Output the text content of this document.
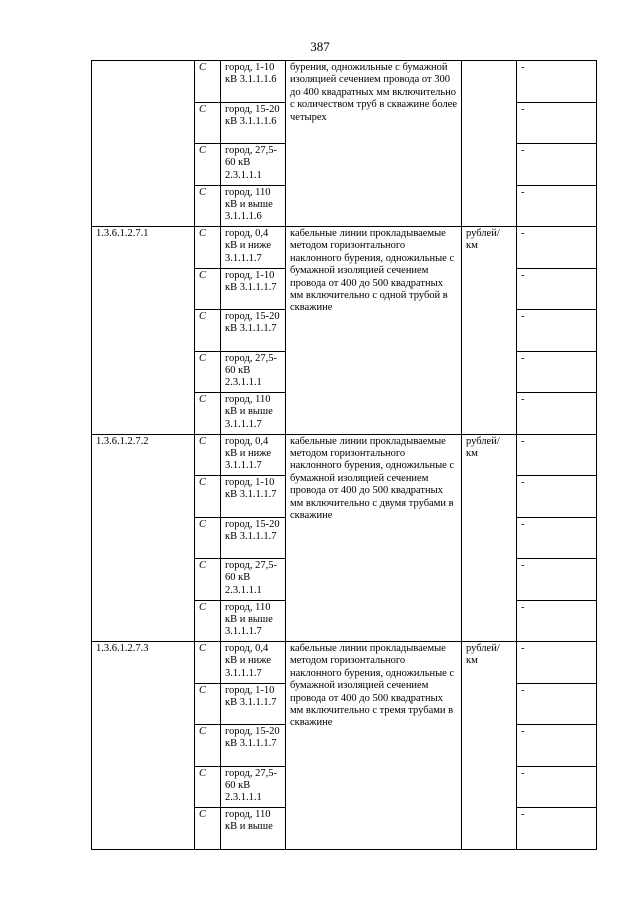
387
	С	город, 1-10 кВ 3.1.1.1.6	бурения, одножильные с бумажной изоляцией сечением провода от 300 до 400 квадратных мм включительно с количеством труб в скважине более четырех		-
	С	город, 15-20 кВ 3.1.1.1.6			-
	С	город, 27,5-60 кВ 2.3.1.1.1			-
	С	город, 110 кВ и выше 3.1.1.1.6			-
1.3.6.1.2.7.1	С	город, 0,4 кВ и ниже 3.1.1.1.7	кабельные линии прокладываемые методом горизонтального наклонного бурения, одножильные с бумажной изоляцией сечением провода от 400 до 500 квадратных мм включительно с одной трубой в скважине	рублей/ км	-
	С	город, 1-10 кВ 3.1.1.1.7			-
	С	город, 15-20 кВ 3.1.1.1.7			-
	С	город, 27,5-60 кВ 2.3.1.1.1			-
	С	город, 110 кВ и выше 3.1.1.1.7			-
1.3.6.1.2.7.2	С	город, 0,4 кВ и ниже 3.1.1.1.7	кабельные линии прокладываемые методом горизонтального наклонного бурения, одножильные с бумажной изоляцией сечением провода от 400 до 500 квадратных мм включительно с двумя трубами в скважине	рублей/ км	-
	С	город, 1-10 кВ 3.1.1.1.7			-
	С	город, 15-20 кВ 3.1.1.1.7			-
	С	город, 27,5-60 кВ 2.3.1.1.1			-
	С	город, 110 кВ и выше 3.1.1.1.7			-
1.3.6.1.2.7.3	С	город, 0,4 кВ и ниже 3.1.1.1.7	кабельные линии прокладываемые методом горизонтального наклонного бурения, одножильные с бумажной изоляцией сечением провода от 400 до 500 квадратных мм включительно с тремя трубами в скважине	рублей/ км	-
	С	город, 1-10 кВ 3.1.1.1.7			-
	С	город, 15-20 кВ 3.1.1.1.7			-
	С	город, 27,5-60 кВ 2.3.1.1.1			-
	С	город, 110 кВ и выше			-
